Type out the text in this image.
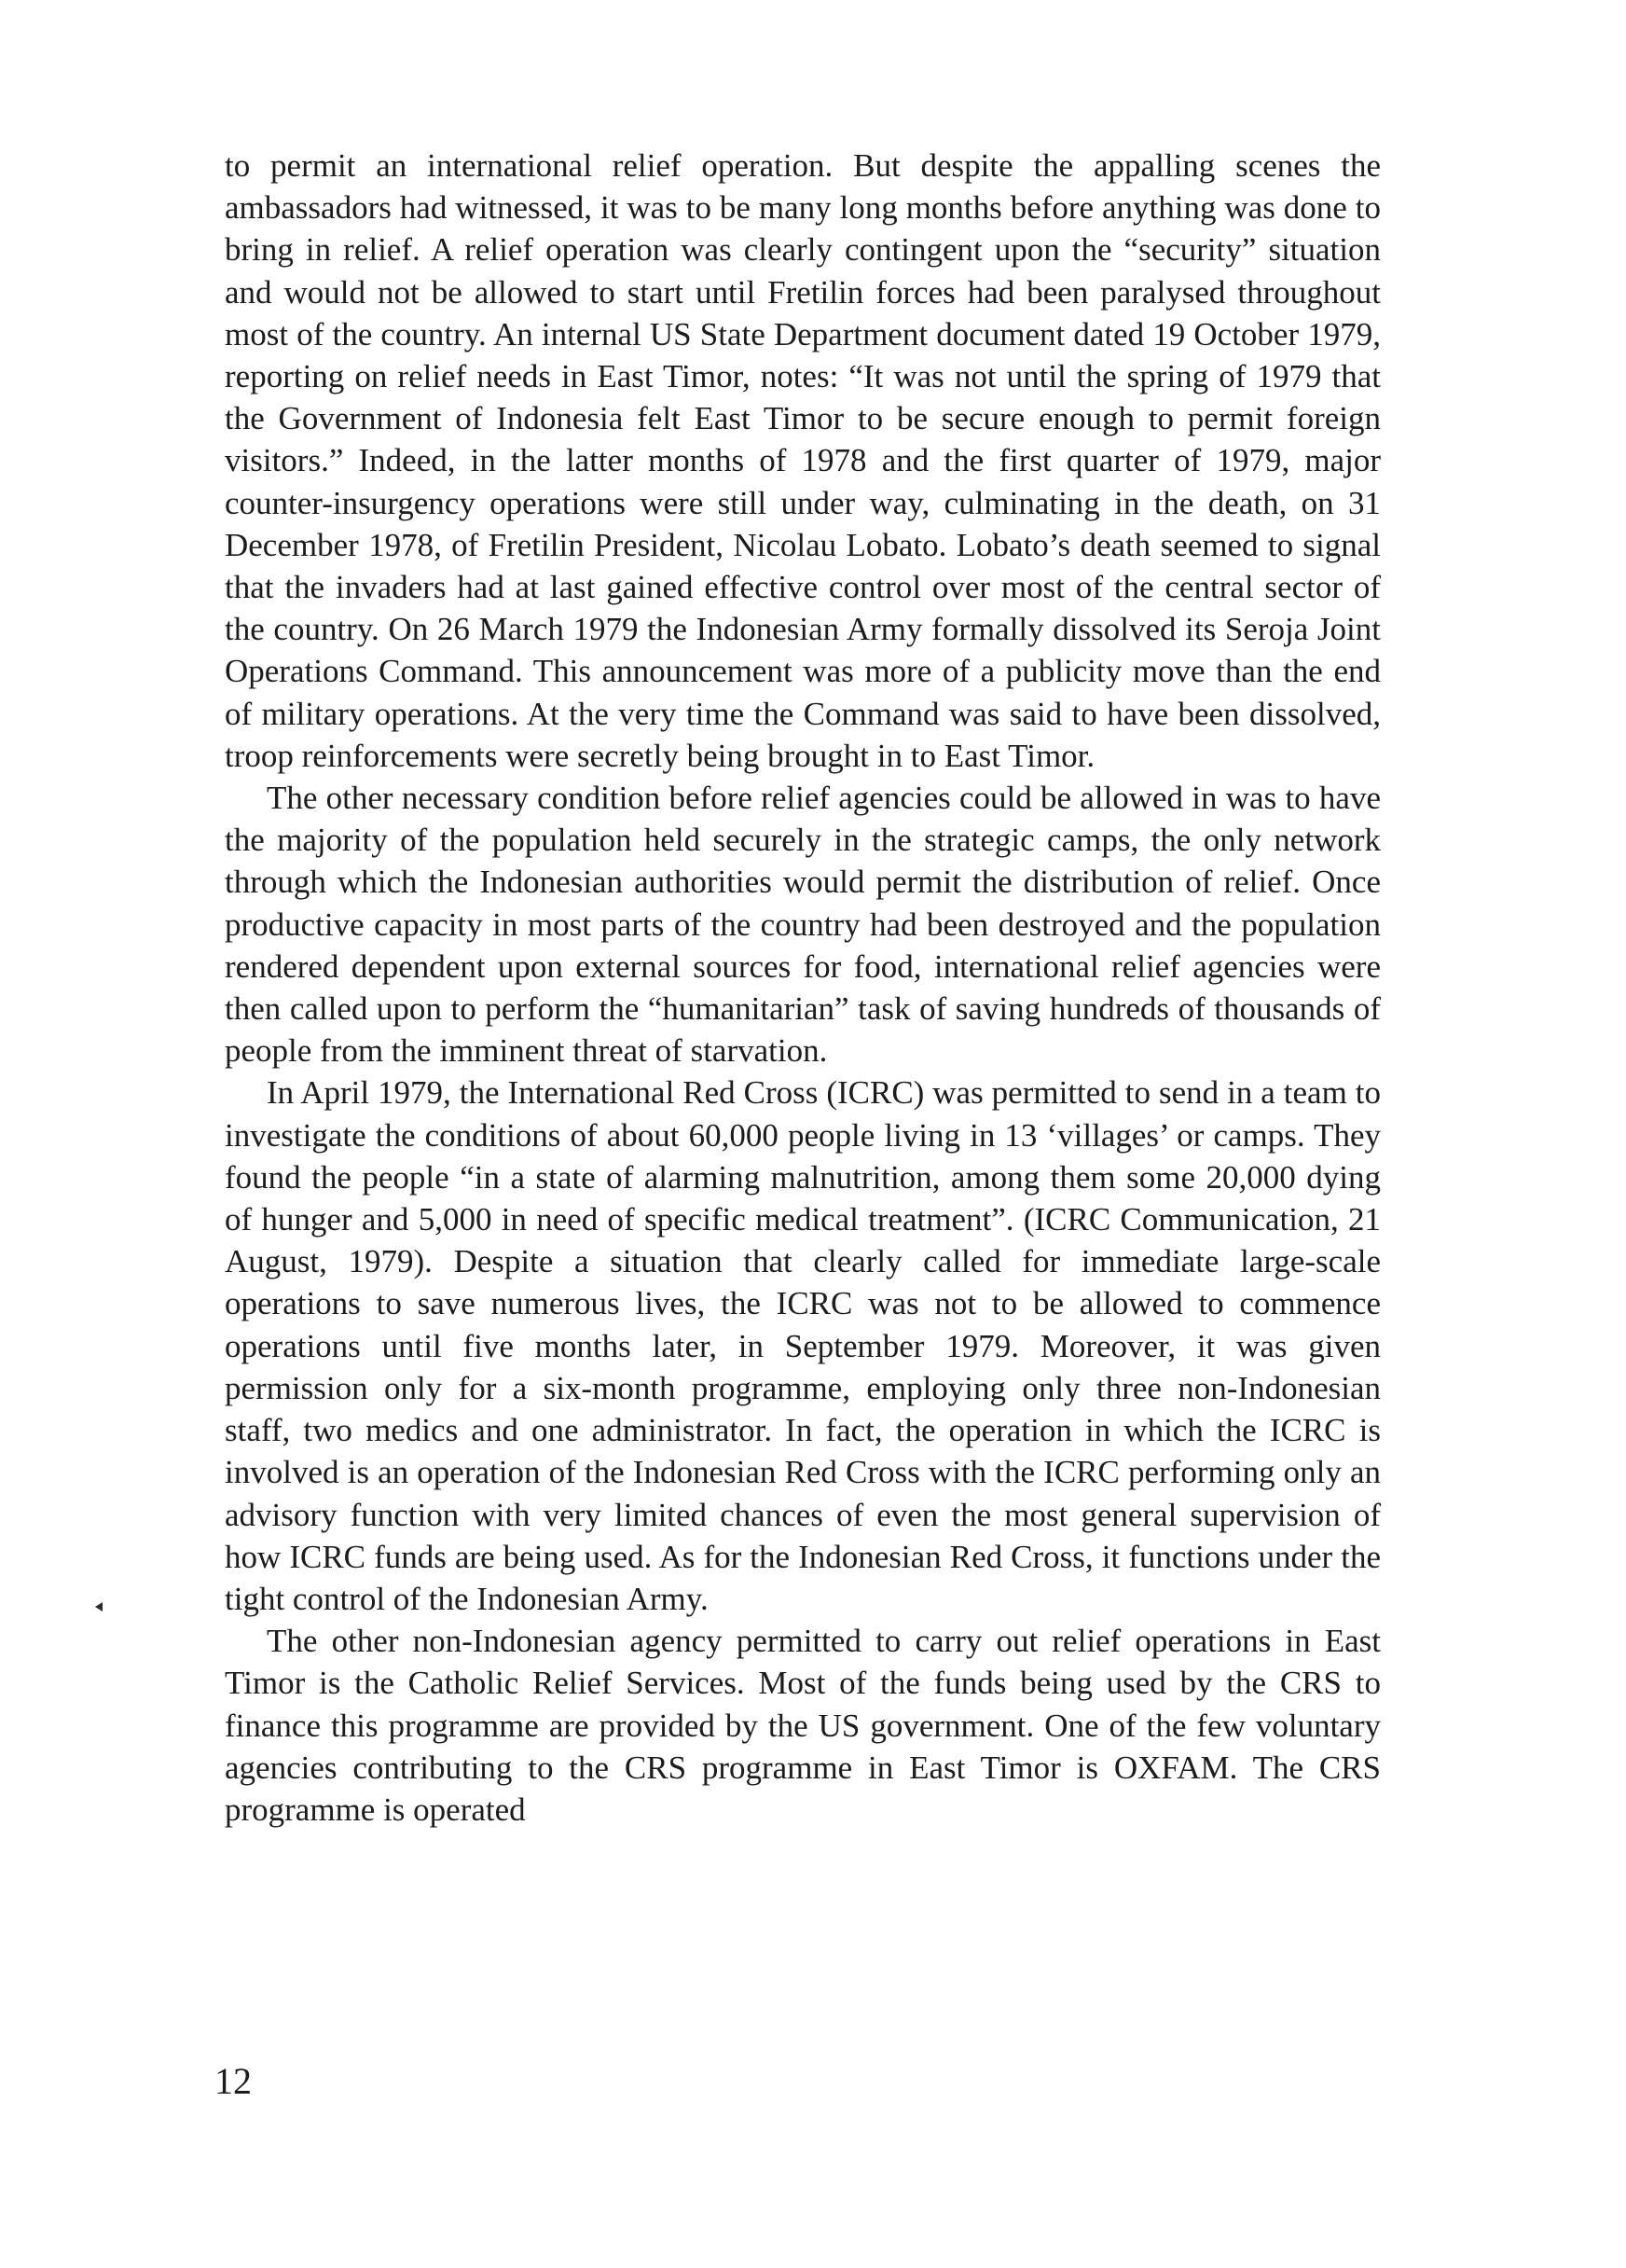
to permit an international relief operation. But despite the appalling scenes the ambassadors had witnessed, it was to be many long months before anything was done to bring in relief. A relief operation was clearly contingent upon the “security” situation and would not be allowed to start until Fretilin forces had been paralysed throughout most of the country. An internal US State Department document dated 19 October 1979, reporting on relief needs in East Timor, notes: “It was not until the spring of 1979 that the Government of Indonesia felt East Timor to be secure enough to permit foreign visitors.” Indeed, in the latter months of 1978 and the first quarter of 1979, major counter-insurgency operations were still under way, culminating in the death, on 31 December 1978, of Fretilin President, Nicolau Lobato. Lobato’s death seemed to signal that the invaders had at last gained effective control over most of the central sector of the country. On 26 March 1979 the Indonesian Army formally dissolved its Seroja Joint Operations Command. This announcement was more of a publicity move than the end of military operations. At the very time the Command was said to have been dissolved, troop reinforcements were secretly being brought in to East Timor.

The other necessary condition before relief agencies could be allowed in was to have the majority of the population held securely in the strategic camps, the only network through which the Indonesian authorities would permit the distribution of relief. Once productive capacity in most parts of the country had been destroyed and the population rendered dependent upon external sources for food, international relief agencies were then called upon to perform the “humanitarian” task of saving hundreds of thousands of people from the imminent threat of starvation.

In April 1979, the International Red Cross (ICRC) was permitted to send in a team to investigate the conditions of about 60,000 people living in 13 ‘villages’ or camps. They found the people “in a state of alarming malnutrition, among them some 20,000 dying of hunger and 5,000 in need of specific medical treatment”. (ICRC Communication, 21 August, 1979). Despite a situation that clearly called for immediate large-scale operations to save numerous lives, the ICRC was not to be allowed to commence operations until five months later, in September 1979. Moreover, it was given permission only for a six-month programme, employing only three non-Indonesian staff, two medics and one administrator. In fact, the operation in which the ICRC is involved is an operation of the Indonesian Red Cross with the ICRC performing only an advisory function with very limited chances of even the most general supervision of how ICRC funds are being used. As for the Indonesian Red Cross, it functions under the tight control of the Indonesian Army.

The other non-Indonesian agency permitted to carry out relief operations in East Timor is the Catholic Relief Services. Most of the funds being used by the CRS to finance this programme are provided by the US government. One of the few voluntary agencies contributing to the CRS programme in East Timor is OXFAM. The CRS programme is operated

12
